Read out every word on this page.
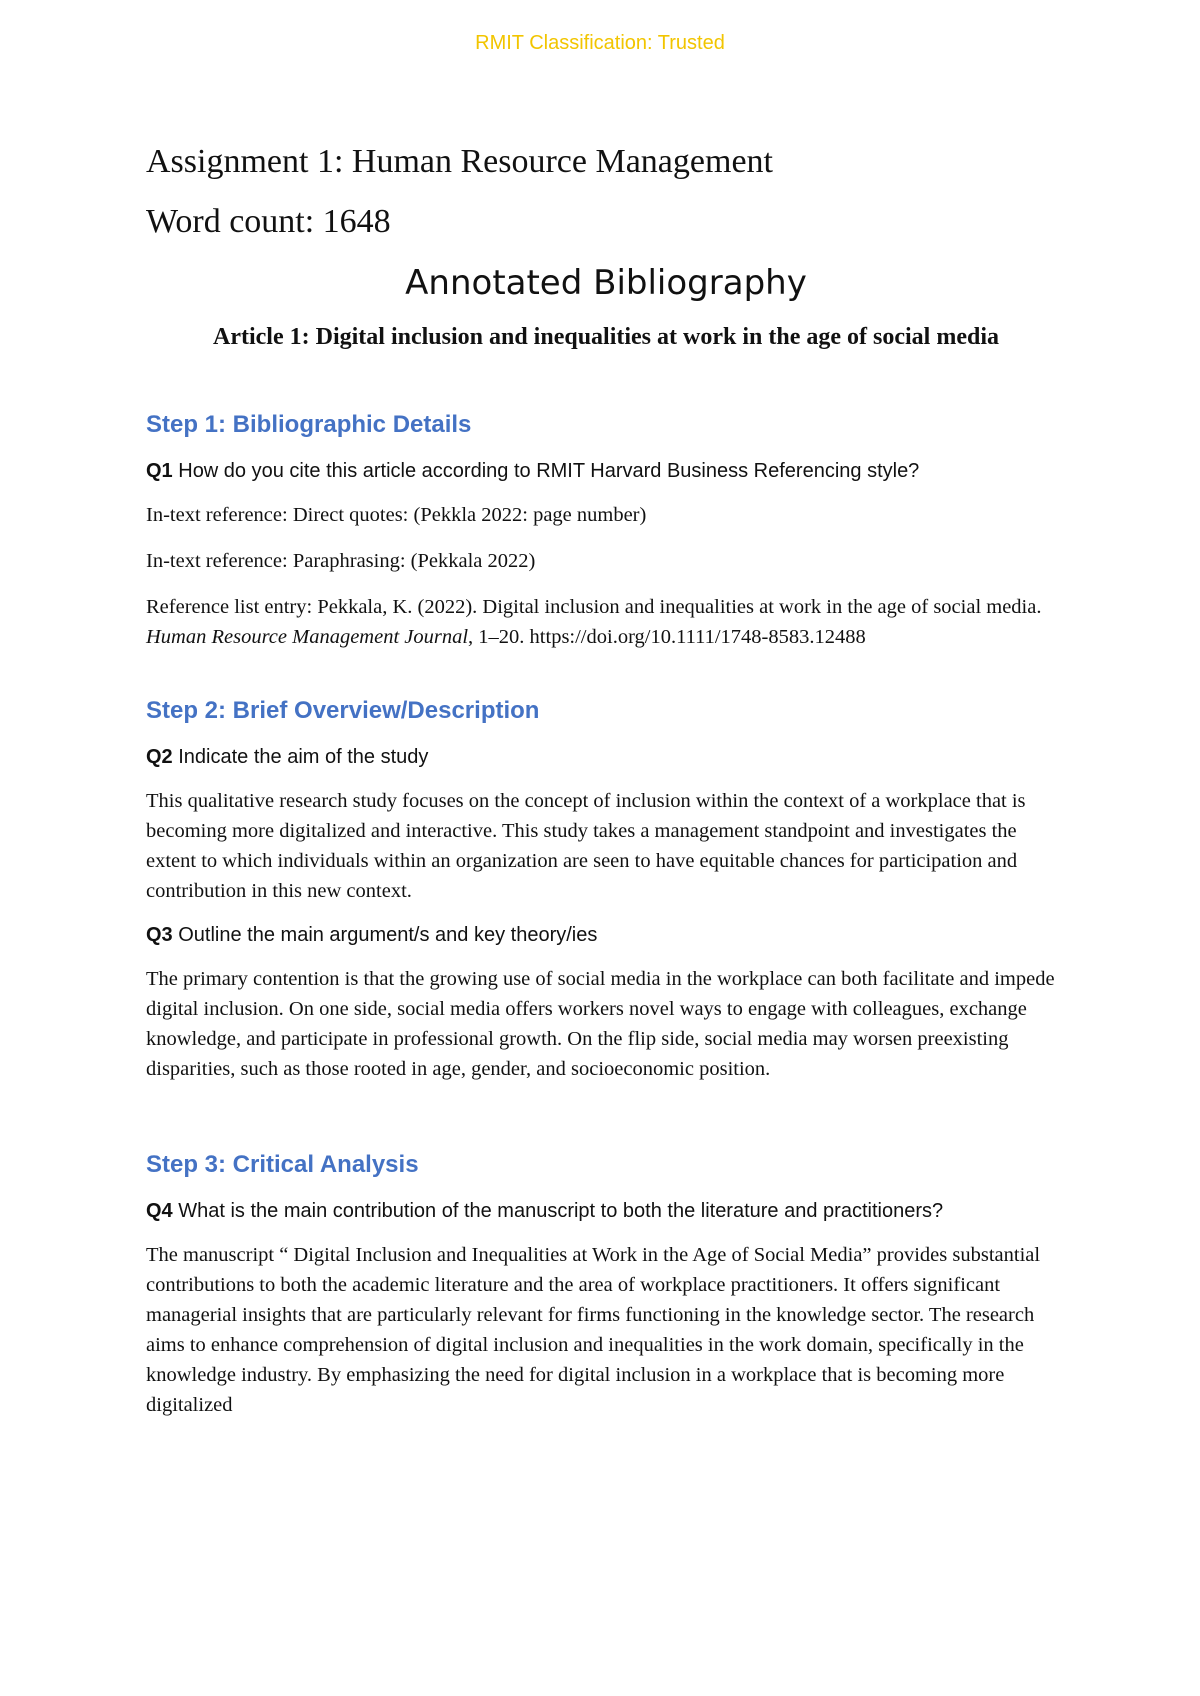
RMIT Classification: Trusted
Assignment 1: Human Resource Management
Word count: 1648
Annotated Bibliography
Article 1: Digital inclusion and inequalities at work in the age of social media
Step 1: Bibliographic Details

Q1 How do you cite this article according to RMIT Harvard Business Referencing style?

In-text reference: Direct quotes: (Pekkla 2022: page number)

In-text reference: Paraphrasing: (Pekkala 2022)

Reference list entry: Pekkala, K. (2022). Digital inclusion and inequalities at work in the age of social media. Human Resource Management Journal, 1–20. https://doi.org/10.1111/1748-8583.12488

Step 2: Brief Overview/Description

Q2 Indicate the aim of the study

This qualitative research study focuses on the concept of inclusion within the context of a workplace that is becoming more digitalized and interactive. This study takes a management standpoint and investigates the extent to which individuals within an organization are seen to have equitable chances for participation and contribution in this new context.

Q3 Outline the main argument/s and key theory/ies

The primary contention is that the growing use of social media in the workplace can both facilitate and impede digital inclusion. On one side, social media offers workers novel ways to engage with colleagues, exchange knowledge, and participate in professional growth. On the flip side, social media may worsen preexisting disparities, such as those rooted in age, gender, and socioeconomic position.

Step 3: Critical Analysis

Q4 What is the main contribution of the manuscript to both the literature and practitioners?

The manuscript “ Digital Inclusion and Inequalities at Work in the Age of Social Media” provides substantial contributions to both the academic literature and the area of workplace practitioners. It offers significant managerial insights that are particularly relevant for firms functioning in the knowledge sector. The research aims to enhance comprehension of digital inclusion and inequalities in the work domain, specifically in the knowledge industry. By emphasizing the need for digital inclusion in a workplace that is becoming more digitalized
